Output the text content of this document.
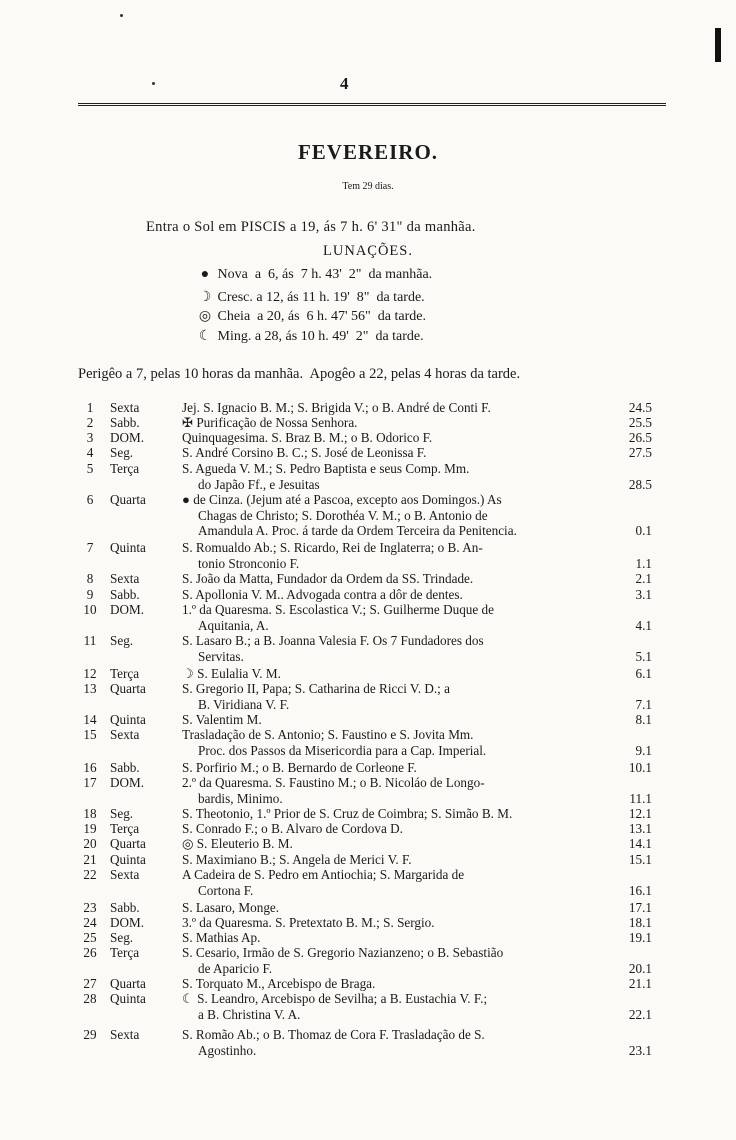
4
FEVEREIRO.
Tem 29 dias.
Entra o Sol em PISCIS a 19, ás 7 h. 6' 31" da manhãa.
LUNAÇÕES.
● Nova  a  6, ás  7 h. 43'  2"  da manhãa.
☽ Cresc. a 12, ás 11 h. 19'  8"  da tarde.
◎ Cheia  a 20, ás  6 h. 47' 56"  da tarde.
☾ Ming. a 28, ás 10 h. 49'  2"  da tarde.
Perigêo a 7, pelas 10 horas da manhãa.  Apogêo a 22, pelas 4 horas da tarde.
1	Sexta	Jej. S. Ignacio B. M.; S. Brigida V.; o B. André de Conti F.	24.5
2	Sabb.	✠ Purificação de Nossa Senhora.	25.5
3	DOM.	Quinquagesima. S. Braz B. M.; o B. Odorico F.	26.5
4	Seg.	S. André Corsino B. C.; S. José de Leonissa F.	27.5
5	Terça	S. Agueda V. M.; S. Pedro Baptista e seus Comp. Mm.
do Japão Ff., e Jesuitas	28.5
6	Quarta	● de Cinza. (Jejum até a Pascoa, excepto aos Domingos.) As
Chagas de Christo; S. Dorothéa V. M.; o B. Antonio de
Amandula A. Proc. á tarde da Ordem Terceira da Penitencia.	0.1
7	Quinta	S. Romualdo Ab.; S. Ricardo, Rei de Inglaterra; o B. An-
tonio Stronconio F.	1.1
8	Sexta	S. João da Matta, Fundador da Ordem da SS. Trindade.	2.1
9	Sabb.	S. Apollonia V. M.. Advogada contra a dôr de dentes.	3.1
10 DOM.	1.º da Quaresma. S. Escolastica V.; S. Guilherme Duque de
Aquitania, A.	4.1
11 Seg.	S. Lasaro B.; a B. Joanna Valesia F. Os 7 Fundadores dos
Servitas.	5.1
12 Terça	☽ S. Eulalia V. M.	6.1
13 Quarta	S. Gregorio II, Papa; S. Catharina de Ricci V. D.; a
B. Viridiana V. F.	7.1
14 Quinta	S. Valentim M.	8.1
15 Sexta	Trasladação de S. Antonio; S. Faustino e S. Jovita Mm.
Proc. dos Passos da Misericordia para a Cap. Imperial.	9.1
16 Sabb.	S. Porfirio M.; o B. Bernardo de Corleone F.	10.1
17 DOM.	2.º da Quaresma. S. Faustino M.; o B. Nicoláo de Longo-
bardis, Minimo.	11.1
18 Seg.	S. Theotonio, 1.º Prior de S. Cruz de Coimbra; S. Simão B. M.	12.1
19 Terça	S. Conrado F.; o B. Alvaro de Cordova D.	13.1
20 Quarta	◎ S. Eleuterio B. M.	14.1
21 Quinta	S. Maximiano B.; S. Angela de Merici V. F.	15.1
22 Sexta	A Cadeira de S. Pedro em Antiochia; S. Margarida de
Cortona F.	16.1
23 Sabb.	S. Lasaro, Monge.	17.1
24 DOM.	3.º da Quaresma. S. Pretextato B. M.; S. Sergio.	18.1
25 Seg.	S. Mathias Ap.	19.1
26 Terça	S. Cesario, Irmão de S. Gregorio Nazianzeno; o B. Sebastião
de Aparicio F.	20.1
27 Quarta	S. Torquato M., Arcebispo de Braga.	21.1
28 Quinta	☾ S. Leandro, Arcebispo de Sevilha; a B. Eustachia V. F.;
a B. Christina V. A.	22.1
29 Sexta	S. Romão Ab.; o B. Thomaz de Cora F. Trasladação de S.
Agostinho.	23.1
